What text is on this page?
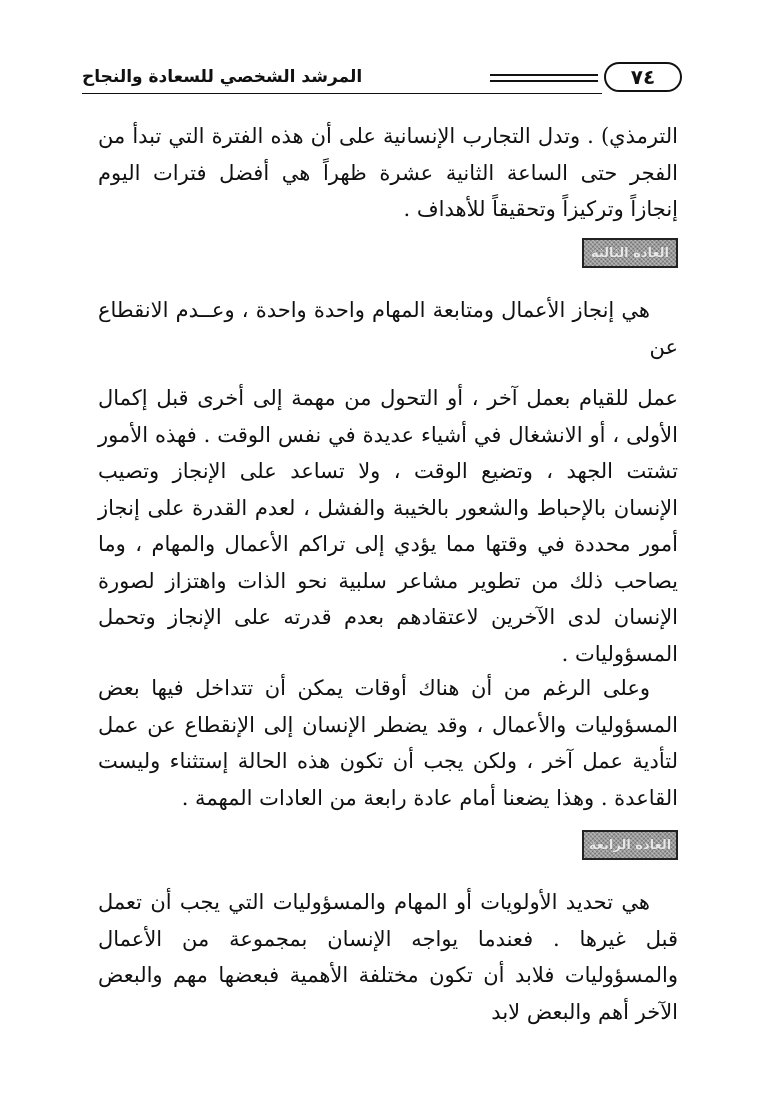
٧٤
المرشد الشخصي للسعادة والنجاح

الترمذي) . وتدل التجارب الإنسانية على أن هذه الفترة التي تبدأ من الفجر حتى الساعة الثانية عشرة ظهراً هي أفضل فترات اليوم إنجازاً وتركيزاً وتحقيقاً للأهداف .

العادة الثالثة

هي إنجاز الأعمال ومتابعة المهام واحدة واحدة ، وعــدم الانقطاع عن

عمل للقيام بعمل آخر ، أو التحول من مهمة إلى أخرى قبل إكمال الأولى ، أو الانشغال في أشياء عديدة في نفس الوقت . فهذه الأمور تشتت الجهد ، وتضيع الوقت ، ولا تساعد على الإنجاز وتصيب الإنسان بالإحباط والشعور بالخيبة والفشل ، لعدم القدرة على إنجاز أمور محددة في وقتها مما يؤدي إلى تراكم الأعمال والمهام ، وما يصاحب ذلك من تطوير مشاعر سلبية نحو الذات واهتزاز لصورة الإنسان لدى الآخرين لاعتقادهم بعدم قدرته على الإنجاز وتحمل المسؤوليات .

وعلى الرغم من أن هناك أوقات يمكن أن تتداخل فيها بعض المسؤوليات والأعمال ، وقد يضطر الإنسان إلى الإنقطاع عن عمل لتأدية عمل آخر ، ولكن يجب أن تكون هذه الحالة إستثناء وليست القاعدة . وهذا يضعنا أمام عادة رابعة من العادات المهمة .

العادة الرابعة

هي تحديد الأولويات أو المهام والمسؤوليات التي يجب أن تعمل قبل غيرها . فعندما يواجه الإنسان بمجموعة من الأعمال والمسؤوليات فلابد أن تكون مختلفة الأهمية فبعضها مهم والبعض الآخر أهم والبعض لابد
